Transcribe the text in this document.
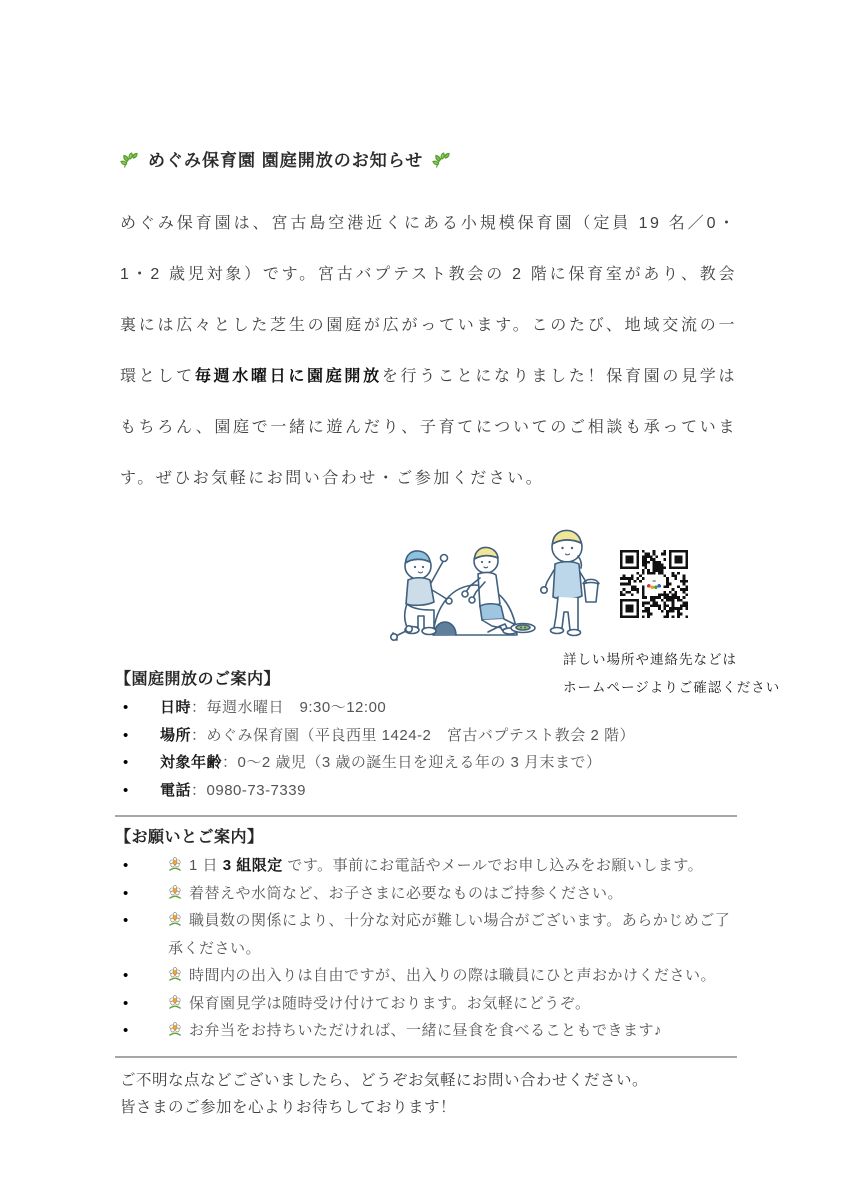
めぐみ保育園 園庭開放のお知らせ

めぐみ保育園は、宮古島空港近くにある小規模保育園（定員 19 名／0・1・2 歳児対象）です。宮古バプテスト教会の 2 階に保育室があり、教会裏には広々とした芝生の園庭が広がっています。このたび、地域交流の一環として毎週水曜日に園庭開放を行うことになりました！保育園の見学はもちろん、園庭で一緒に遊んだり、子育てについてのご相談も承っています。ぜひお気軽にお問い合わせ・ご参加ください。

詳しい場所や連絡先などは
ホームページよりご確認ください
【園庭開放のご案内】
• 日時：毎週水曜日　9:30～12:00
• 場所：めぐみ保育園（平良西里 1424-2　宮古バプテスト教会 2 階）
• 対象年齢：0～2 歳児（3 歳の誕生日を迎える年の 3 月末まで）
• 電話：0980-73-7339
【お願いとご案内】
• 1 日 3 組限定 です。事前にお電話やメールでお申し込みをお願いします。
• 着替えや水筒など、お子さまに必要なものはご持参ください。
• 職員数の関係により、十分な対応が難しい場合がございます。あらかじめご了承ください。
• 時間内の出入りは自由ですが、出入りの際は職員にひと声おかけください。
• 保育園見学は随時受け付けております。お気軽にどうぞ。
• お弁当をお持ちいただければ、一緒に昼食を食べることもできます♪
ご不明な点などございましたら、どうぞお気軽にお問い合わせください。
皆さまのご参加を心よりお待ちしております！
